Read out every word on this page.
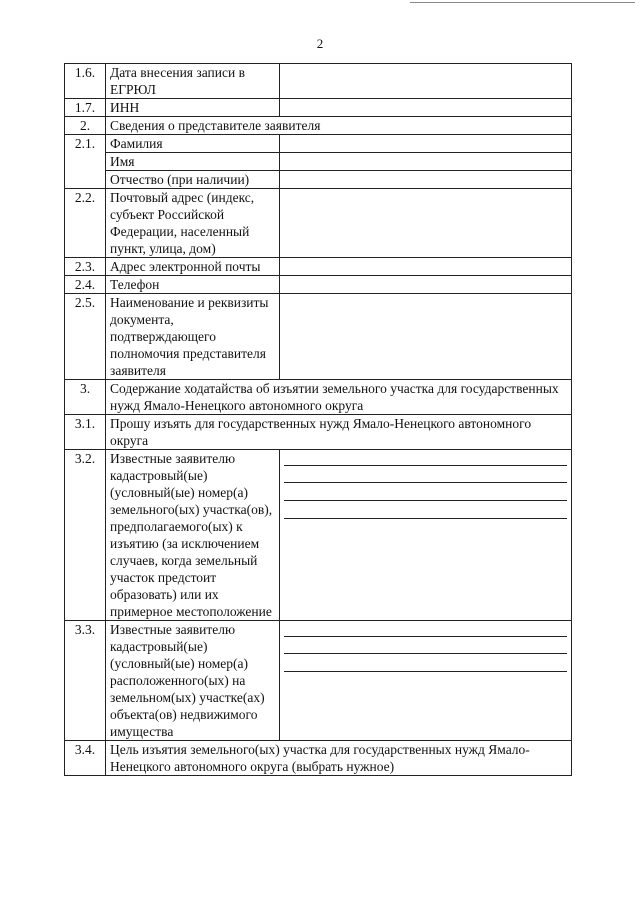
2
1.6.	Дата внесения записи в ЕГРЮЛ	
1.7.	ИНН	
2.	Сведения о представителе заявителя	
2.1.	Фамилия	
	Имя	
	Отчество (при наличии)	
2.2.	Почтовый адрес (индекс, субъект Российской Федерации, населенный пункт, улица, дом)	
2.3.	Адрес электронной почты	
2.4.	Телефон	
2.5.	Наименование и реквизиты документа, подтверждающего полномочия представителя заявителя	
3.	Содержание ходатайства об изъятии земельного участка для государственных нужд Ямало-Ненецкого автономного округа	
3.1.	Прошу изъять для государственных нужд Ямало-Ненецкого автономного округа	
3.2.	Известные заявителю кадастровый(ые) (условный(ые) номер(а) земельного(ых) участка(ов), предполагаемого(ых) к изъятию (за исключением случаев, когда земельный участок предстоит образовать) или их примерное местоположение	

3.3.	Известные заявителю кадастровый(ые) (условный(ые) номер(а) расположенного(ых) на земельном(ых) участке(ах) объекта(ов) недвижимого имущества	

3.4.	Цель изъятия земельного(ых) участка для государственных нужд Ямало-Ненецкого автономного округа (выбрать нужное)	
